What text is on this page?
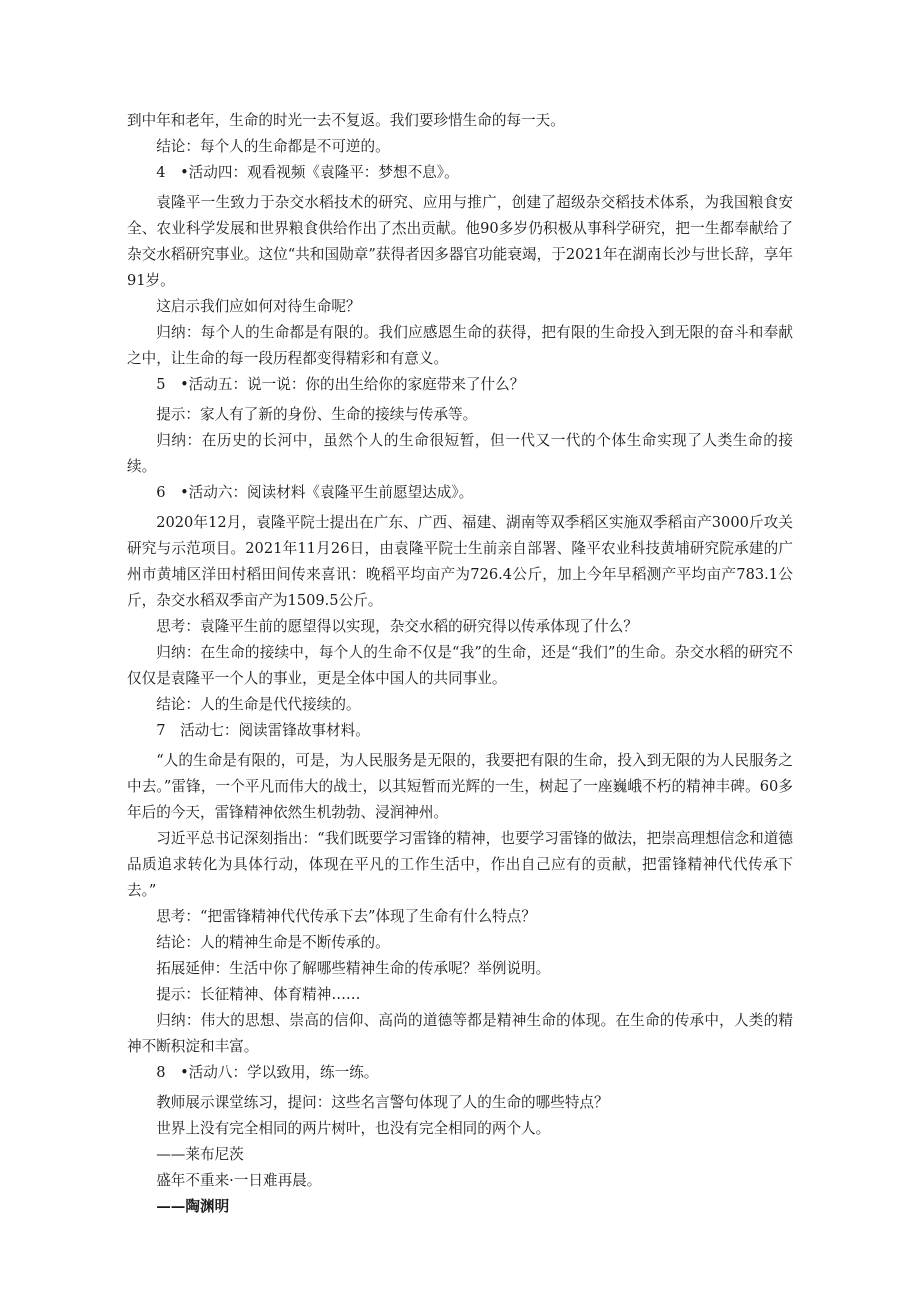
到中年和老年，生命的时光一去不复返。我们要珍惜生命的每一天。

结论：每个人的生命都是不可逆的。

4　•活动四：观看视频《袁隆平：梦想不息》。

袁隆平一生致力于杂交水稻技术的研究、应用与推广，创建了超级杂交稻技术体系，为我国粮食安全、农业科学发展和世界粮食供给作出了杰出贡献。他90多岁仍积极从事科学研究，把一生都奉献给了杂交水稻研究事业。这位“共和国勋章”获得者因多器官功能衰竭，于2021年在湖南长沙与世长辞，享年91岁。

这启示我们应如何对待生命呢？

归纳：每个人的生命都是有限的。我们应感恩生命的获得，把有限的生命投入到无限的奋斗和奉献之中，让生命的每一段历程都变得精彩和有意义。

5　•活动五：说一说：你的出生给你的家庭带来了什么？

提示：家人有了新的身份、生命的接续与传承等。

归纳：在历史的长河中，虽然个人的生命很短暂，但一代又一代的个体生命实现了人类生命的接续。

6　•活动六：阅读材料《袁隆平生前愿望达成》。

2020年12月，袁隆平院士提出在广东、广西、福建、湖南等双季稻区实施双季稻亩产3000斤攻关研究与示范项目。2021年11月26日，由袁隆平院士生前亲自部署、隆平农业科技黄埔研究院承建的广州市黄埔区洋田村稻田间传来喜讯：晚稻平均亩产为726.4公斤，加上今年早稻测产平均亩产783.1公斤，杂交水稻双季亩产为1509.5公斤。

思考：袁隆平生前的愿望得以实现，杂交水稻的研究得以传承体现了什么？

归纳：在生命的接续中，每个人的生命不仅是“我”的生命，还是“我们”的生命。杂交水稻的研究不仅仅是袁隆平一个人的事业，更是全体中国人的共同事业。

结论：人的生命是代代接续的。

7　活动七：阅读雷锋故事材料。

“人的生命是有限的，可是，为人民服务是无限的，我要把有限的生命，投入到无限的为人民服务之中去。”雷锋，一个平凡而伟大的战士，以其短暂而光辉的一生，树起了一座巍峨不朽的精神丰碑。60多年后的今天，雷锋精神依然生机勃勃、浸润神州。

习近平总书记深刻指出：“我们既要学习雷锋的精神，也要学习雷锋的做法，把崇高理想信念和道德品质追求转化为具体行动，体现在平凡的工作生活中，作出自己应有的贡献，把雷锋精神代代传承下去。”

思考：“把雷锋精神代代传承下去”体现了生命有什么特点？

结论：人的精神生命是不断传承的。

拓展延伸：生活中你了解哪些精神生命的传承呢？举例说明。

提示：长征精神、体育精神……

归纳：伟大的思想、崇高的信仰、高尚的道德等都是精神生命的体现。在生命的传承中，人类的精神不断积淀和丰富。

8　•活动八：学以致用，练一练。

教师展示课堂练习，提问：这些名言警句体现了人的生命的哪些特点？

世界上没有完全相同的两片树叶，也没有完全相同的两个人。

——莱布尼茨

盛年不重来·一日难再晨。

——陶渊明
